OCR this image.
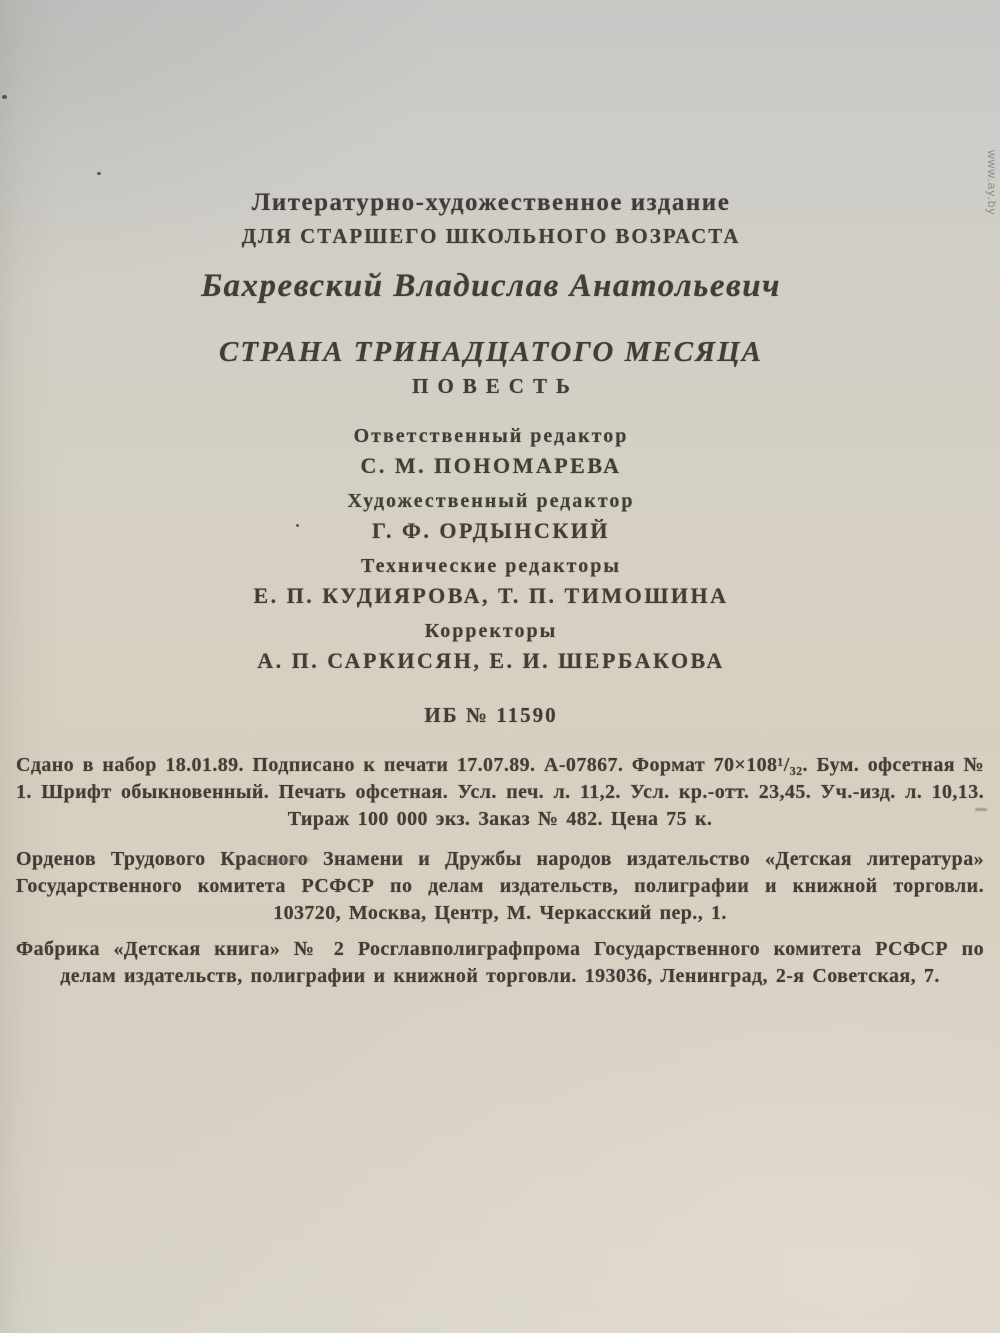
Литературно-художественное издание
ДЛЯ СТАРШЕГО ШКОЛЬНОГО ВОЗРАСТА
Бахревский Владислав Анатольевич
СТРАНА ТРИНАДЦАТОГО МЕСЯЦА
ПОВЕСТЬ
Ответственный редактор
С. М. ПОНОМАРЕВА
Художественный редактор
Г. Ф. ОРДЫНСКИЙ
Технические редакторы
Е. П. КУДИЯРОВА, Т. П. ТИМОШИНА
Корректоры
А. П. САРКИСЯН, Е. И. ШЕРБАКОВА
ИБ № 11590
Сдано в набор 18.01.89. Подписано к печати 17.07.89. А-07867. Формат 70×108¹/₃₂. Бум. офсетная № 1. Шрифт обыкновенный. Печать офсетная. Усл. печ. л. 11,2. Усл. кр.-отт. 23,45. Уч.-изд. л. 10,13. Тираж 100 000 экз. Заказ № 482. Цена 75 к.
Орденов Трудового Красного Знамени и Дружбы народов издательство «Детская литература» Государственного комитета РСФСР по делам издательств, полиграфии и книжной торговли. 103720, Москва, Центр, М. Черкасский пер., 1.
Фабрика «Детская книга» № 2 Росглавполиграфпрома Государственного комитета РСФСР по делам издательств, полиграфии и книжной торговли. 193036, Ленинград, 2-я Советская, 7.
www.ay.by
